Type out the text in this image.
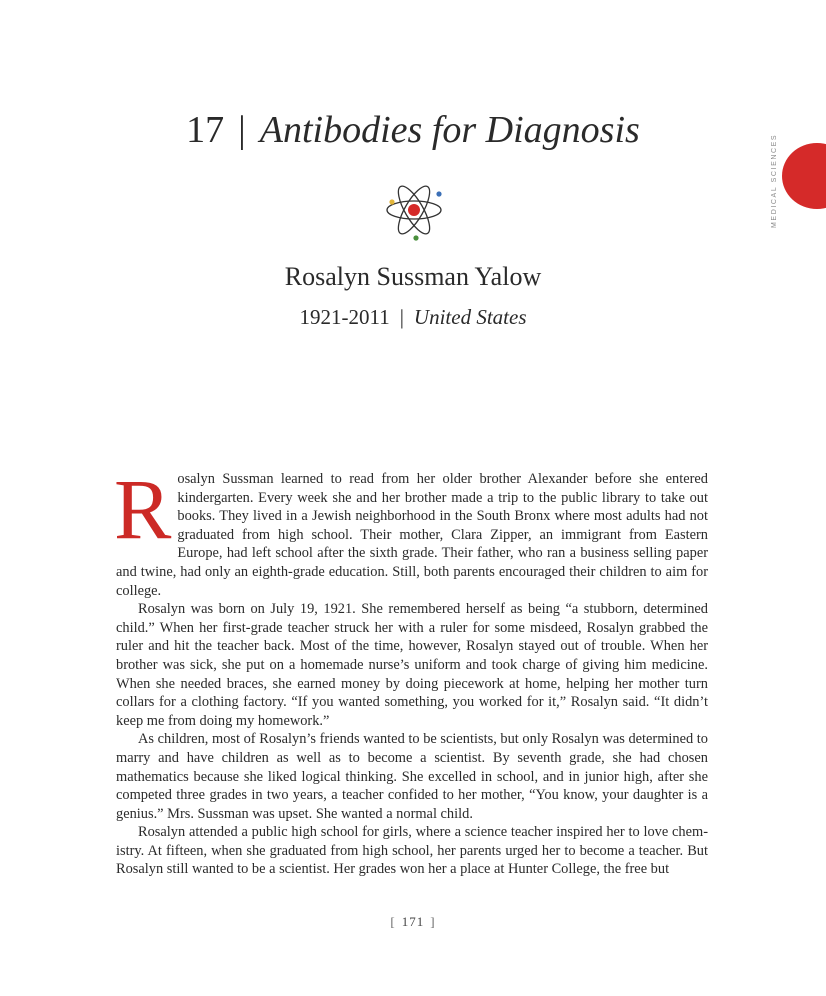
17 | Antibodies for Diagnosis
MEDICAL SCIENCES
Rosalyn Sussman Yalow
1921-2011 | United States

Rosalyn Sussman learned to read from her older brother Alexander before she entered kindergarten. Every week she and her brother made a trip to the public library to take out books. They lived in a Jewish neighborhood in the South Bronx where most adults had not graduated from high school. Their mother, Clara Zipper, an immigrant from Eastern Europe, had left school after the sixth grade. Their father, who ran a business selling paper and twine, had only an eighth-grade education. Still, both parents encouraged their children to aim for college.

Rosalyn was born on July 19, 1921. She remembered herself as being “a stubborn, determined child.” When her first-grade teacher struck her with a ruler for some misdeed, Rosalyn grabbed the ruler and hit the teacher back. Most of the time, however, Rosalyn stayed out of trouble. When her brother was sick, she put on a homemade nurse’s uniform and took charge of giving him medicine. When she needed braces, she earned money by doing piecework at home, helping her mother turn collars for a clothing factory. “If you wanted something, you worked for it,” Rosalyn said. “It didn’t keep me from doing my homework.”

As children, most of Rosalyn’s friends wanted to be scientists, but only Rosalyn was determined to marry and have children as well as to become a scientist. By seventh grade, she had chosen mathematics because she liked logical thinking. She excelled in school, and in junior high, after she competed three grades in two years, a teacher confided to her mother, “You know, your daughter is a genius.” Mrs. Sussman was upset. She wanted a normal child.

Rosalyn attended a public high school for girls, where a science teacher inspired her to love chem-istry. At fifteen, when she graduated from high school, her parents urged her to become a teacher. But Rosalyn still wanted to be a scientist. Her grades won her a place at Hunter College, the free but

[ 171 ]
